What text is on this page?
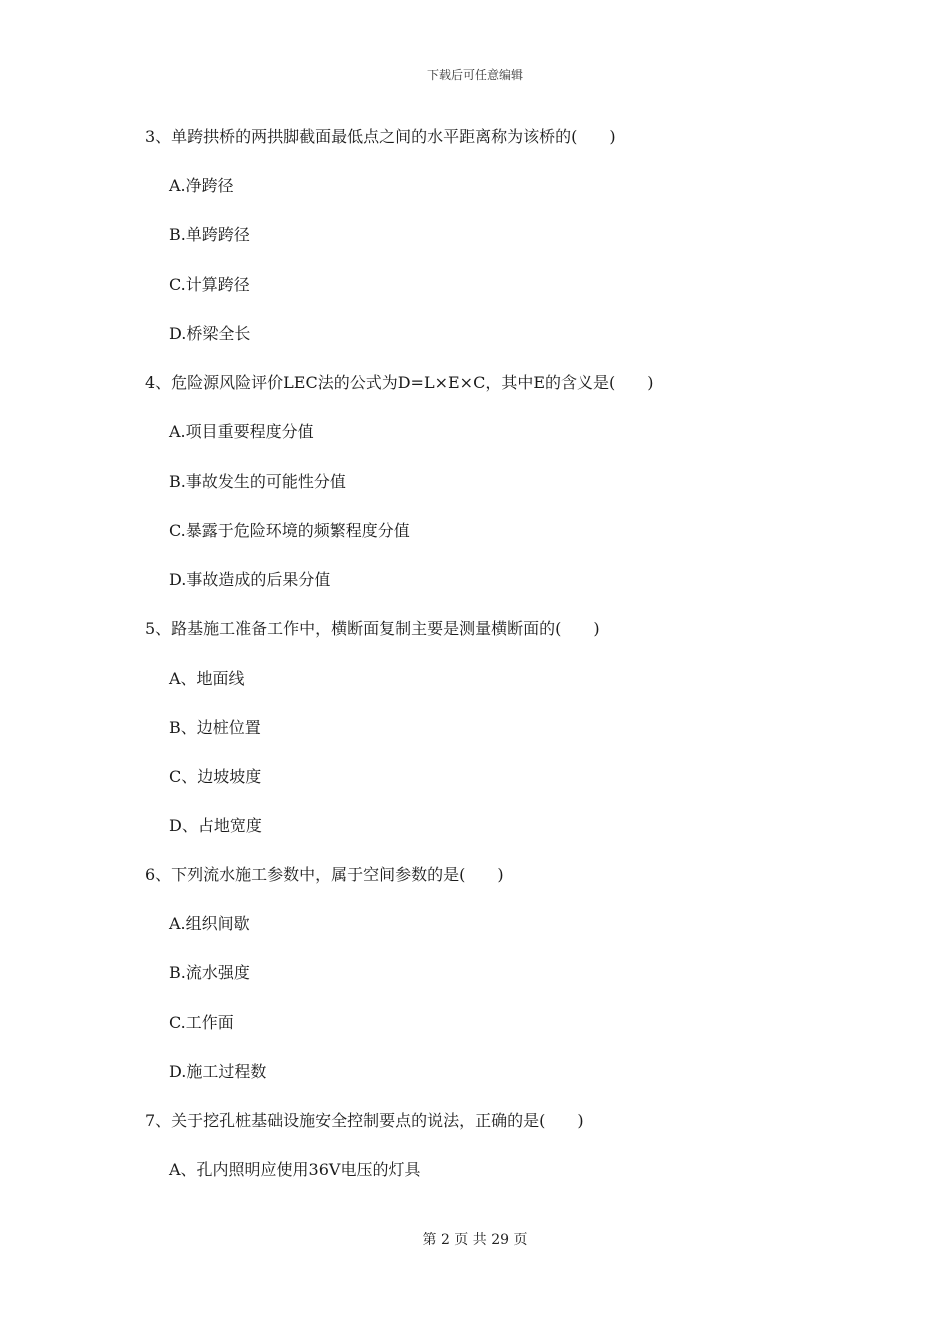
下载后可任意编辑
3、单跨拱桥的两拱脚截面最低点之间的水平距离称为该桥的(　　)
A.净跨径
B.单跨跨径
C.计算跨径
D.桥梁全长
4、危险源风险评价LEC法的公式为D=L×E×C，其中E的含义是(　　)
A.项目重要程度分值
B.事故发生的可能性分值
C.暴露于危险环境的频繁程度分值
D.事故造成的后果分值
5、路基施工准备工作中，横断面复制主要是测量横断面的(　　)
A、地面线
B、边桩位置
C、边坡坡度
D、占地宽度
6、下列流水施工参数中，属于空间参数的是(　　)
A.组织间歇
B.流水强度
C.工作面
D.施工过程数
7、关于挖孔桩基础设施安全控制要点的说法，正确的是(　　)
A、孔内照明应使用36V电压的灯具
第 2 页 共 29 页
